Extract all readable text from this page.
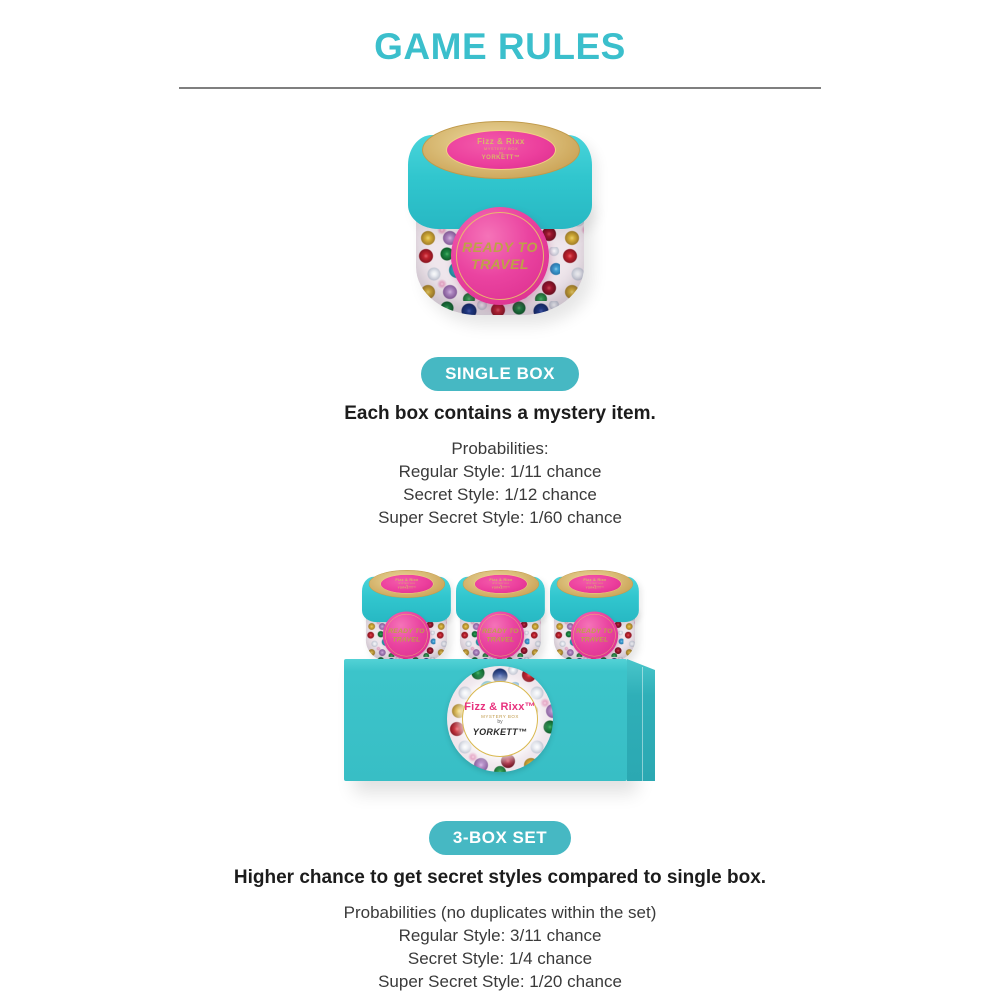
GAME RULES
Fizz & Rixx
MYSTERY BOX
by
YORKETT™
READY TO TRAVEL
SINGLE BOX
Each box contains a mystery item.
Probabilities:
Regular Style: 1/11 chance
Secret Style: 1/12 chance
Super Secret Style: 1/60 chance
Fizz & Rixx
MYSTERY BOX
by
YORKETT™
READY TO TRAVEL
Fizz & Rixx
MYSTERY BOX
by
YORKETT™
READY TO TRAVEL
Fizz & Rixx
MYSTERY BOX
by
YORKETT™
READY TO TRAVEL
Fizz & Rixx™
MYSTERY BOX
by
YORKETT™
3-BOX SET
Higher chance to get secret styles compared to single box.
Probabilities (no duplicates within the set)
Regular Style: 3/11 chance
Secret Style: 1/4 chance
Super Secret Style: 1/20 chance
